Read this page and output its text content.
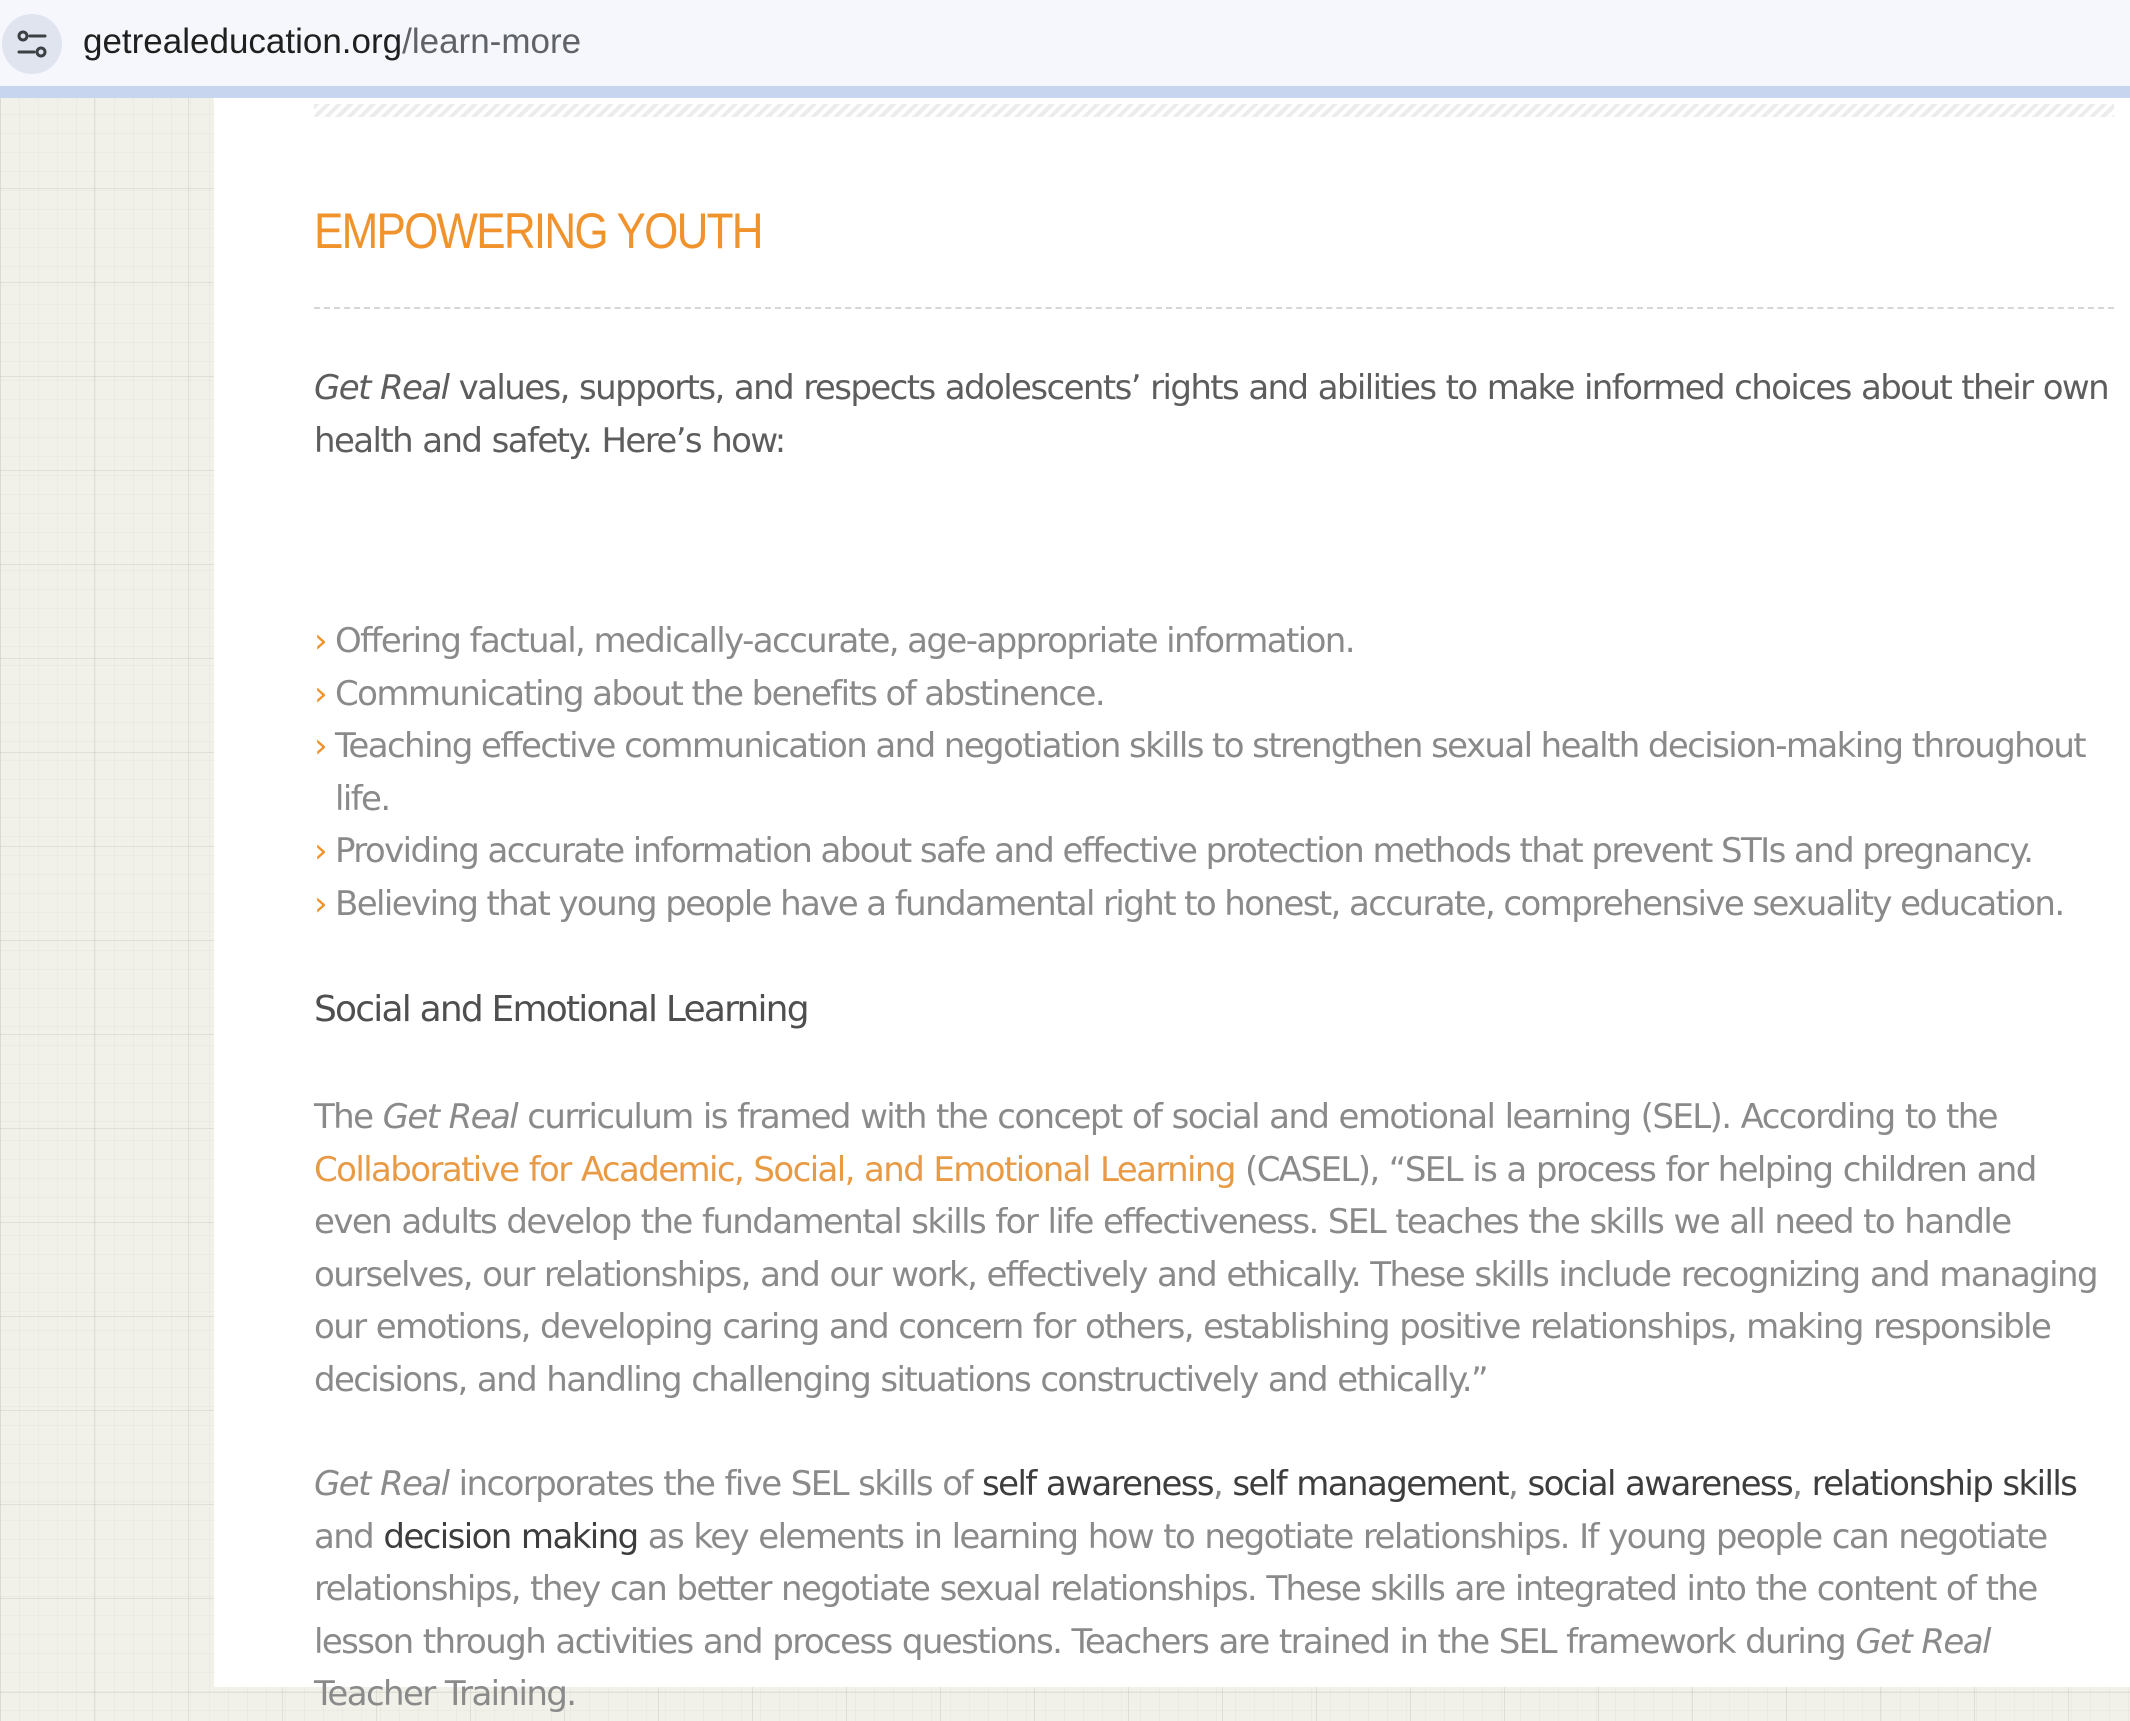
getrealeducation.org/learn-more
EMPOWERING YOUTH

Get Real values, supports, and respects adolescents’ rights and abilities to make informed choices about their own health and safety. Here’s how:

› Offering factual, medically-accurate, age-appropriate information.
› Communicating about the benefits of abstinence.
› Teaching effective communication and negotiation skills to strengthen sexual health decision-making throughout life.
› Providing accurate information about safe and effective protection methods that prevent STIs and pregnancy.
› Believing that young people have a fundamental right to honest, accurate, comprehensive sexuality education.
Social and Emotional Learning

The Get Real curriculum is framed with the concept of social and emotional learning (SEL). According to the Collaborative for Academic, Social, and Emotional Learning (CASEL), “SEL is a process for helping children and even adults develop the fundamental skills for life effectiveness. SEL teaches the skills we all need to handle ourselves, our relationships, and our work, effectively and ethically. These skills include recognizing and managing our emotions, developing caring and concern for others, establishing positive relationships, making responsible decisions, and handling challenging situations constructively and ethically.”

Get Real incorporates the five SEL skills of self awareness, self management, social awareness, relationship skills and decision making as key elements in learning how to negotiate relationships. If young people can negotiate relationships, they can better negotiate sexual relationships. These skills are integrated into the content of the lesson through activities and process questions. Teachers are trained in the SEL framework during Get Real Teacher Training.
